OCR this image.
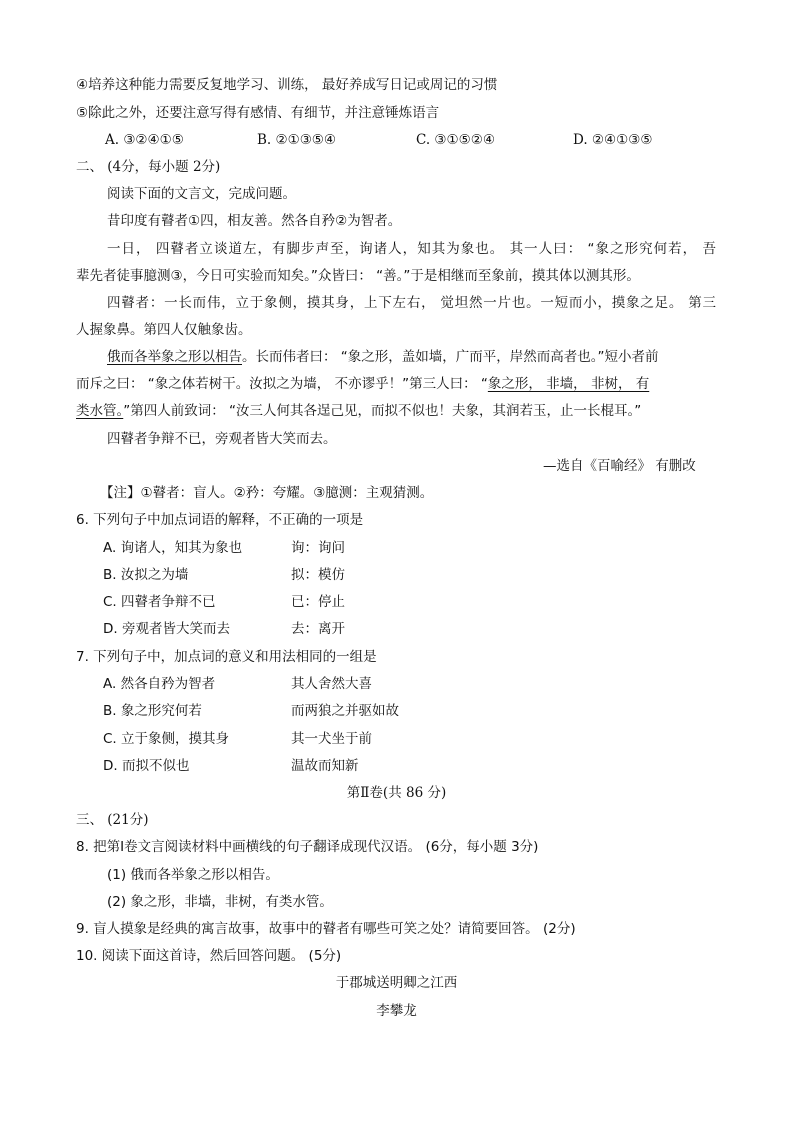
④培养这种能力需要反复地学习、训练， 最好养成写日记或周记的习惯
⑤除此之外，还要注意写得有感情、有细节，并注意锤炼语言
A. ③②④①⑤	B. ②①③⑤④	C. ③①⑤②④	D. ②④①③⑤
二、 (4分，每小题 2分)
阅读下面的文言文，完成问题。
昔印度有瞽者①四，相友善。然各自矜②为智者。
一日， 四瞽者立谈道左，有脚步声至，询诸人，知其为象也。 其一人曰： “象之形究何若， 吾
辈先者徒事臆测③，今日可实验而知矣。”众皆曰： “善。”于是相继而至象前，摸其体以测其形。
四瞽者：一长而伟，立于象侧，摸其身，上下左右， 觉坦然一片也。一短而小，摸象之足。 第三
人握象鼻。第四人仅触象齿。
俄而各举象之形以相告。长而伟者曰： “象之形，盖如墙，广而平，岸然而高者也。”短小者前
而斥之曰： “象之体若树干。汝拟之为墙， 不亦谬乎！”第三人曰： “象之形， 非墙， 非树， 有
类水管。”第四人前致词： “汝三人何其各逞己见，而拟不似也！夫象，其润若玉，止一长棍耳。”
四瞽者争辩不已，旁观者皆大笑而去。
—选自《百喻经》 有删改
【注】①瞽者：盲人。②矜：夸耀。③臆测：主观猜测。
6. 下列句子中加点词语的解释，不正确的一项是
A. 询诸人，知其为象也	询：询问
B. 汝拟之为墙	拟：模仿
C. 四瞽者争辩不已	已：停止
D. 旁观者皆大笑而去	去：离开
7. 下列句子中，加点词的意义和用法相同的一组是
A. 然各自矜为智者	其人舍然大喜
B. 象之形究何若	而两狼之并驱如故
C. 立于象侧，摸其身	其一犬坐于前
D. 而拟不似也	温故而知新
第Ⅱ卷(共 86 分)
三、 (21分)
8. 把第Ⅰ卷文言阅读材料中画横线的句子翻译成现代汉语。 (6分，每小题 3分)
(1) 俄而各举象之形以相告。
(2) 象之形，非墙，非树，有类水管。
9. 盲人摸象是经典的寓言故事，故事中的瞽者有哪些可笑之处？请简要回答。 (2分)
10. 阅读下面这首诗，然后回答问题。 (5分)
于郡城送明卿之江西
李攀龙
